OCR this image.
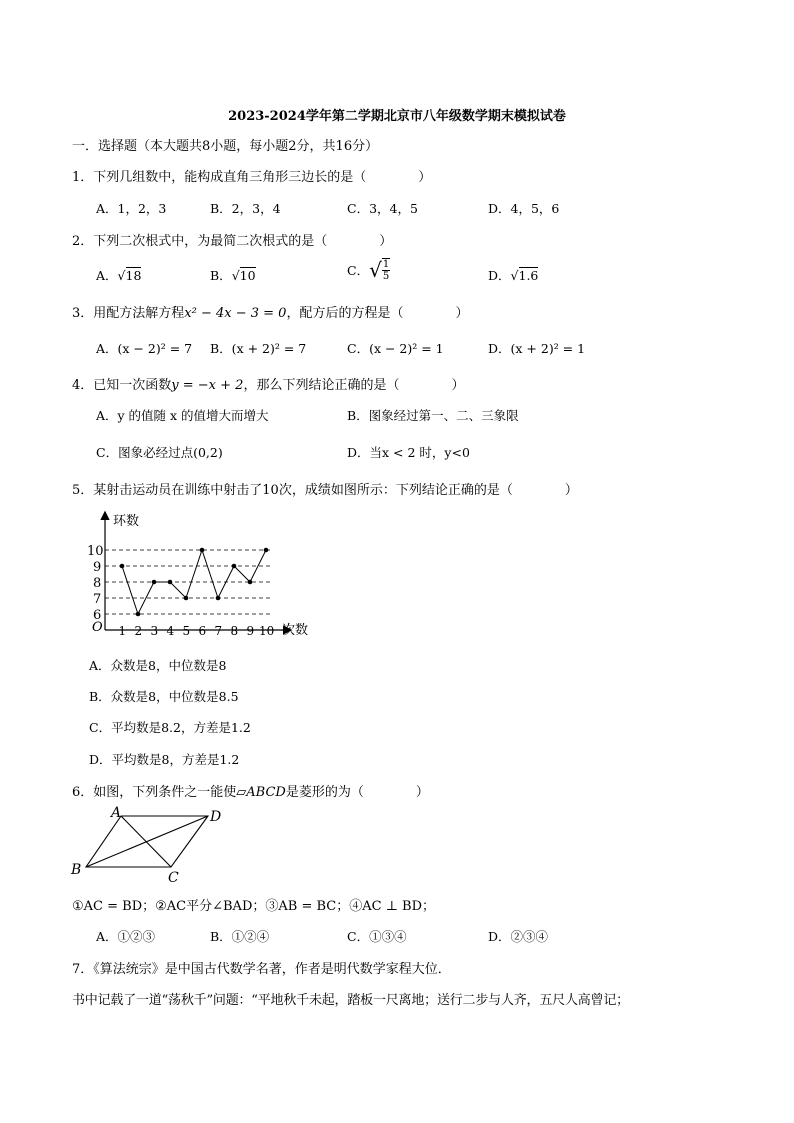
2023-2024学年第二学期北京市八年级数学期末模拟试卷
一．选择题（本大题共8小题，每小题2分，共16分）
1．下列几组数中，能构成直角三角形三边长的是（　　　　）
A．1，2，3	B．2，3，4	C．3，4，5	D．4，5，6
2．下列二次根式中，为最简二次根式的是（　　　　）
A．√18	B．√10	C．√ $\frac{1}{5}$	D．√1.6
3．用配方法解方程x² − 4x − 3 = 0，配方后的方程是（　　　　）
A．(x − 2)² = 7 B．(x + 2)² = 7	C．(x − 2)² = 1	D．(x + 2)² = 1
4．已知一次函数y = −x + 2，那么下列结论正确的是（　　　　）
A．y 的值随 x 的值增大而增大	B．图象经过第一、二、三象限
C．图象必经过点(0,2)	D．当x < 2 时，y<0
5．某射击运动员在训练中射击了10次，成绩如图所示：下列结论正确的是（　　　　）
环数
次数
O
6
7
8
9
10
1 2 3 4 5 6 7 8 9 10
A．众数是8，中位数是8
B．众数是8，中位数是8.5
C．平均数是8.2，方差是1.2
D．平均数是8，方差是1.2
6．如图，下列条件之一能使▱ABCD是菱形的为（　　　　）
A
B	C
D
①AC = BD；②AC平分∠BAD；③AB = BC；④AC ⊥ BD；
A．①②③	B．①②④	C．①③④	D．②③④
7．《算法统宗》是中国古代数学名著，作者是明代数学家程大位．
书中记载了一道“荡秋千”问题：“平地秋千未起，踏板一尺离地；送行二步与人齐，五尺人高曾记；
